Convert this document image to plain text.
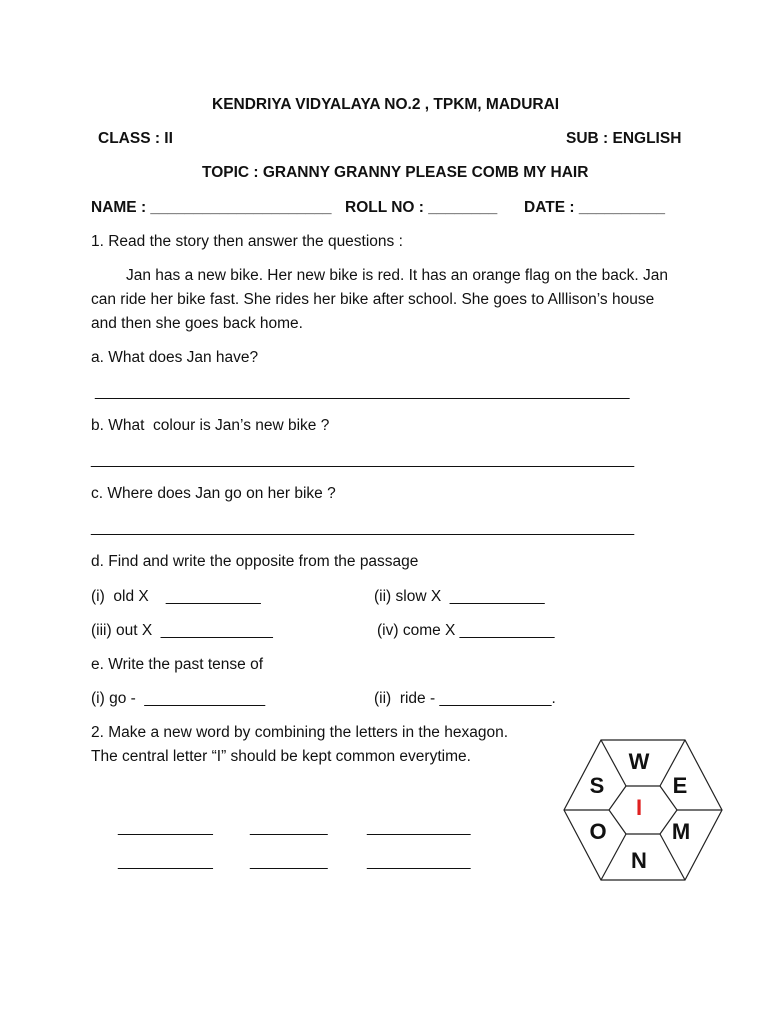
KENDRIYA VIDYALAYA NO.2 , TPKM, MADURAI
CLASS : II	SUB : ENGLISH
TOPIC : GRANNY GRANNY PLEASE COMB MY HAIR
NAME : _____________________ ROLL NO : ________ DATE : __________
1. Read the story then answer the questions :
Jan has a new bike. Her new bike is red. It has an orange flag on the back. Jan
can ride her bike fast. She rides her bike after school. She goes to Alllison’s house
and then she goes back home.
a. What does Jan have?
______________________________________________________________
b. What  colour is Jan’s new bike ?
_______________________________________________________________
c. Where does Jan go on her bike ?
_______________________________________________________________
d. Find and write the opposite from the passage
(i)  old X    ___________	(ii) slow X  ___________
(iii) out X  _____________	(iv) come X ___________
e. Write the past tense of
(i) go -  ______________	(ii)  ride - _____________.
2. Make a new word by combining the letters in the hexagon.
The central letter “I” should be kept common everytime.
___________ _________	____________
___________ _________	____________
W
S	E
I
O	M
N
